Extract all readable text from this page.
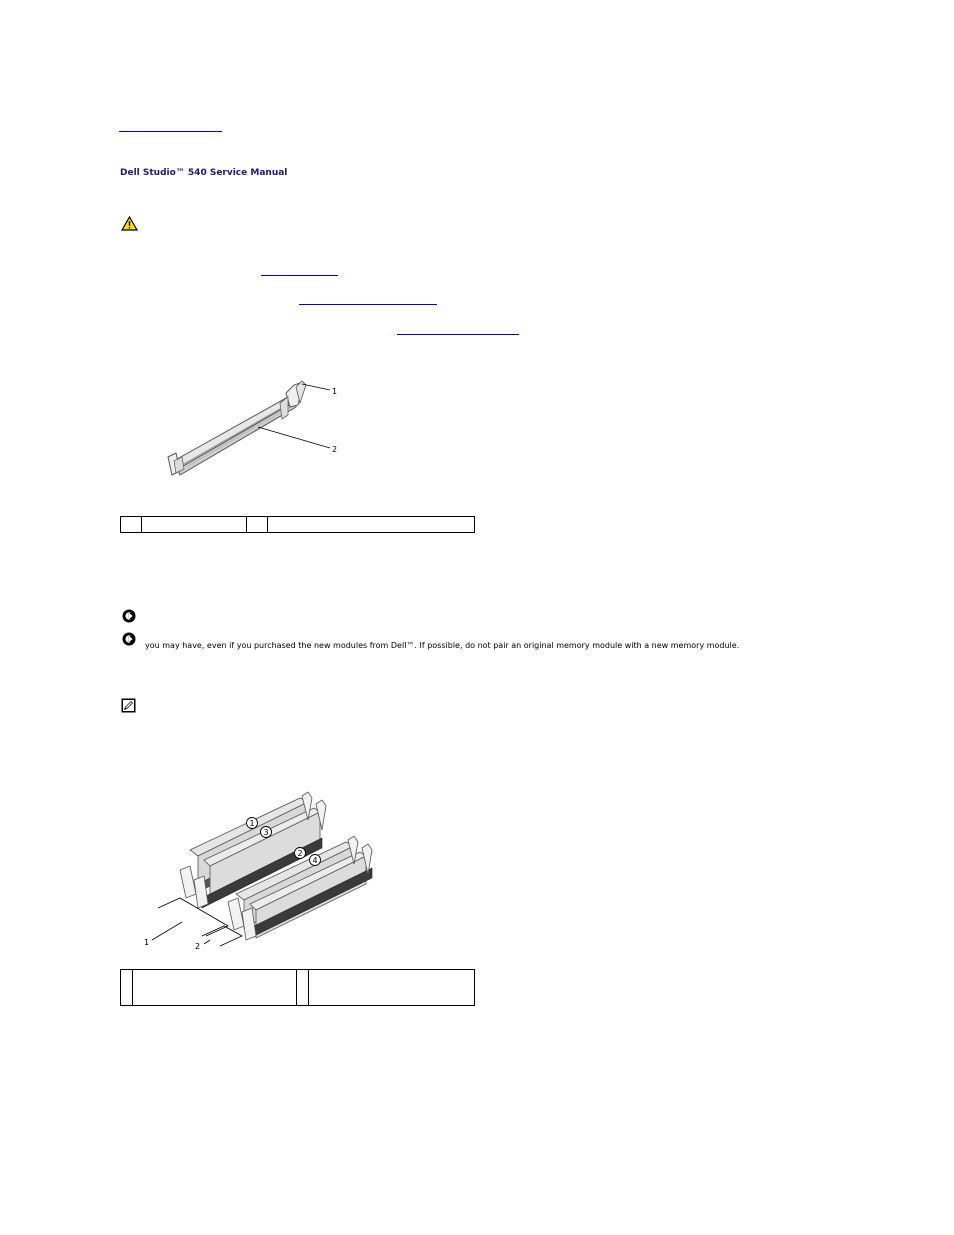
Dell Studio™ 540 Service Manual
1
2

you may have, even if you purchased the new modules from Dell™. If possible, do not pair an original memory module with a new memory module.
1
3
2
4
1	2
